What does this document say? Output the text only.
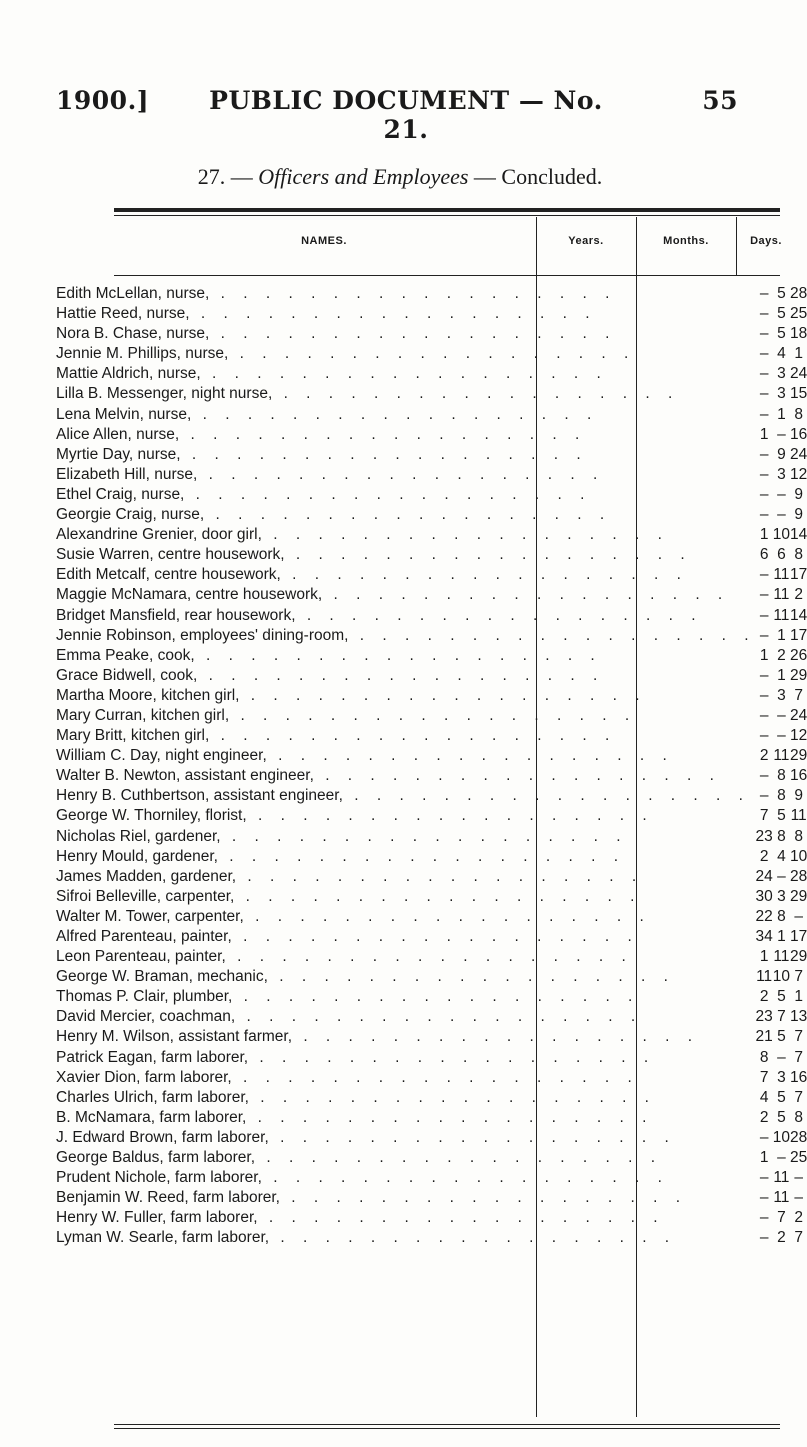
1900.]	PUBLIC DOCUMENT — No. 21.
55
27. — Officers and Employees — Concluded.
NAMES.	Years.	Months.	Days.
Edith McLellan, nurse, . . . . . . . . . . . . . . . . . .	–	5	28
Hattie Reed, nurse, . . . . . . . . . . . . . . . . . .	–	5	25
Nora B. Chase, nurse, . . . . . . . . . . . . . . . . . .	–	5	18
Jennie M. Phillips, nurse, . . . . . . . . . . . . . . . . . .	–	4	1
Mattie Aldrich, nurse, . . . . . . . . . . . . . . . . . .	–	3	24
Lilla B. Messenger, night nurse, . . . . . . . . . . . . . . . . . .	–	3	15
Lena Melvin, nurse, . . . . . . . . . . . . . . . . . .	–	1	8
Alice Allen, nurse, . . . . . . . . . . . . . . . . . .	1	–	16
Myrtie Day, nurse, . . . . . . . . . . . . . . . . . .	–	9	24
Elizabeth Hill, nurse, . . . . . . . . . . . . . . . . . .	–	3	12
Ethel Craig, nurse, . . . . . . . . . . . . . . . . . .	–	–	9
Georgie Craig, nurse, . . . . . . . . . . . . . . . . . .	–	–	9
Alexandrine Grenier, door girl, . . . . . . . . . . . . . . . . . .	1	10	14
Susie Warren, centre housework, . . . . . . . . . . . . . . . . . .	6	6	8
Edith Metcalf, centre housework, . . . . . . . . . . . . . . . . . .	–	11	17
Maggie McNamara, centre housework, . . . . . . . . . . . . . . . . . .	–	11	2
Bridget Mansfield, rear housework, . . . . . . . . . . . . . . . . . .	–	11	14
Jennie Robinson, employees' dining-room, . . . . . . . . . . . . . . . . . .	–	1	17
Emma Peake, cook, . . . . . . . . . . . . . . . . . .	1	2	26
Grace Bidwell, cook, . . . . . . . . . . . . . . . . . .	–	1	29
Martha Moore, kitchen girl, . . . . . . . . . . . . . . . . . .	–	3	7
Mary Curran, kitchen girl, . . . . . . . . . . . . . . . . . .	–	–	24
Mary Britt, kitchen girl, . . . . . . . . . . . . . . . . . .	–	–	12
William C. Day, night engineer, . . . . . . . . . . . . . . . . . .	2	11	29
Walter B. Newton, assistant engineer, . . . . . . . . . . . . . . . . . .	–	8	16
Henry B. Cuthbertson, assistant engineer, . . . . . . . . . . . . . . . . . .	–	8	9
George W. Thorniley, florist, . . . . . . . . . . . . . . . . . .	7	5	11
Nicholas Riel, gardener, . . . . . . . . . . . . . . . . . .	23	8	8
Henry Mould, gardener, . . . . . . . . . . . . . . . . . .	2	4	10
James Madden, gardener, . . . . . . . . . . . . . . . . . .	24	–	28
Sifroi Belleville, carpenter, . . . . . . . . . . . . . . . . . .	30	3	29
Walter M. Tower, carpenter, . . . . . . . . . . . . . . . . . .	22	8	–
Alfred Parenteau, painter, . . . . . . . . . . . . . . . . . .	34	1	17
Leon Parenteau, painter, . . . . . . . . . . . . . . . . . .	1	11	29
George W. Braman, mechanic, . . . . . . . . . . . . . . . . . .	11	10	7
Thomas P. Clair, plumber, . . . . . . . . . . . . . . . . . .	2	5	1
David Mercier, coachman, . . . . . . . . . . . . . . . . . .	23	7	13
Henry M. Wilson, assistant farmer, . . . . . . . . . . . . . . . . . .	21	5	7
Patrick Eagan, farm laborer, . . . . . . . . . . . . . . . . . .	8	–	7
Xavier Dion, farm laborer, . . . . . . . . . . . . . . . . . .	7	3	16
Charles Ulrich, farm laborer, . . . . . . . . . . . . . . . . . .	4	5	7
B. McNamara, farm laborer, . . . . . . . . . . . . . . . . . .	2	5	8
J. Edward Brown, farm laborer, . . . . . . . . . . . . . . . . . .	–	10	28
George Baldus, farm laborer, . . . . . . . . . . . . . . . . . .	1	–	25
Prudent Nichole, farm laborer, . . . . . . . . . . . . . . . . . .	–	11	–
Benjamin W. Reed, farm laborer, . . . . . . . . . . . . . . . . . .	–	11	–
Henry W. Fuller, farm laborer, . . . . . . . . . . . . . . . . . .	–	7	2
Lyman W. Searle, farm laborer, . . . . . . . . . . . . . . . . . .	–	2	7
